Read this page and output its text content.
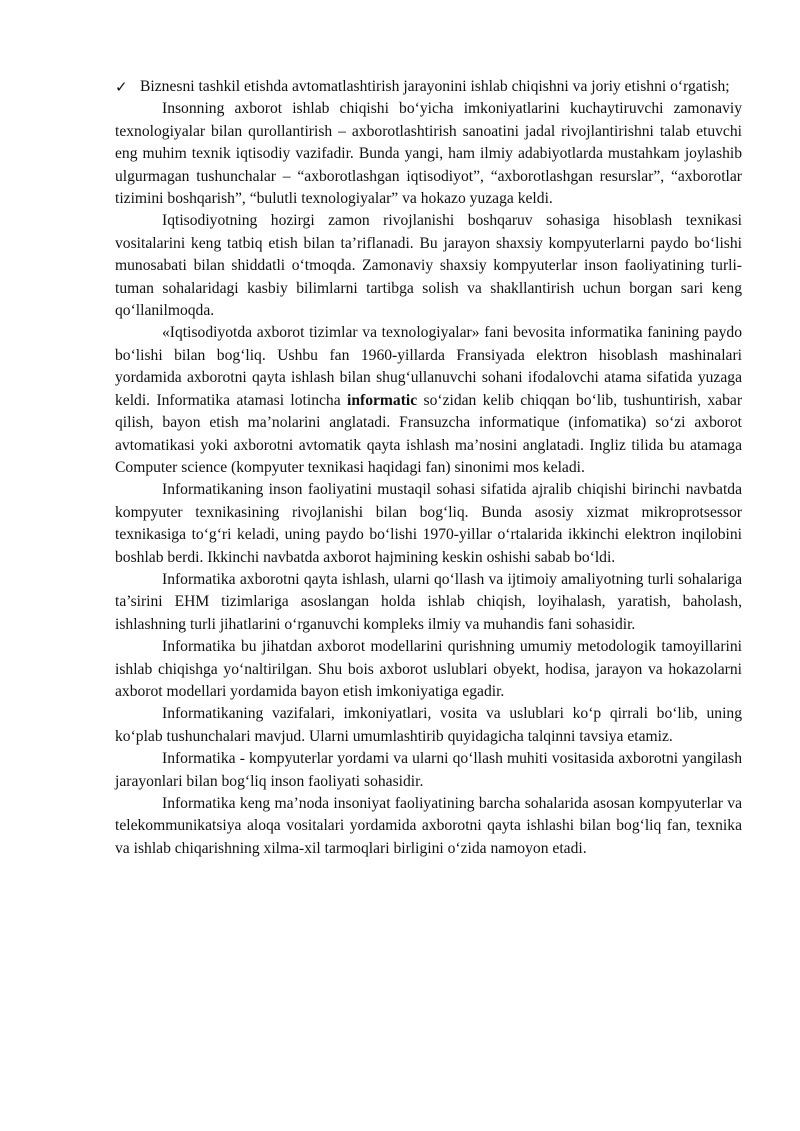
✓ Biznesni tashkil etishda avtomatlashtirish jarayonini ishlab chiqishni va joriy etishni o‘rgatish;

Insonning axborot ishlab chiqishi bo‘yicha imkoniyatlarini kuchaytiruvchi zamonaviy texnologiyalar bilan qurollantirish – axborotlashtirish sanoatini jadal rivojlantirishni talab etuvchi eng muhim texnik iqtisodiy vazifadir. Bunda yangi, ham ilmiy adabiyotlarda mustahkam joylashib ulgurmagan tushunchalar – “axborotlashgan iqtisodiyot”, “axborotlashgan resurslar”, “axborotlar tizimini boshqarish”, “bulutli texnologiyalar” va hokazo yuzaga keldi.

Iqtisodiyotning hozirgi zamon rivojlanishi boshqaruv sohasiga hisoblash texnikasi vositalarini keng tatbiq etish bilan ta’riflanadi. Bu jarayon shaxsiy kompyuterlarni paydo bo‘lishi munosabati bilan shiddatli o‘tmoqda. Zamonaviy shaxsiy kompyuterlar inson faoliyatining turli-tuman sohalaridagi kasbiy bilimlarni tartibga solish va shakllantirish uchun borgan sari keng qo‘llanilmoqda.

«Iqtisodiyotda axborot tizimlar va texnologiyalar» fani bevosita informatika fanining paydo bo‘lishi bilan bog‘liq. Ushbu fan 1960-yillarda Fransiyada elektron hisoblash mashinalari yordamida axborotni qayta ishlash bilan shug‘ullanuvchi sohani ifodalovchi atama sifatida yuzaga keldi. Informatika atamasi lotincha informatic so‘zidan kelib chiqqan bo‘lib, tushuntirish, xabar qilish, bayon etish ma’nolarini anglatadi. Fransuzcha informatique (infomatika) so‘zi axborot avtomatikasi yoki axborotni avtomatik qayta ishlash ma’nosini anglatadi. Ingliz tilida bu atamaga Computer science (kompyuter texnikasi haqidagi fan) sinonimi mos keladi.

Informatikaning inson faoliyatini mustaqil sohasi sifatida ajralib chiqishi birinchi navbatda kompyuter texnikasining rivojlanishi bilan bog‘liq. Bunda asosiy xizmat mikroprotsessor texnikasiga to‘g‘ri keladi, uning paydo bo‘lishi 1970-yillar o‘rtalarida ikkinchi elektron inqilobini boshlab berdi. Ikkinchi navbatda axborot hajmining keskin oshishi sabab bo‘ldi.

Informatika axborotni qayta ishlash, ularni qo‘llash va ijtimoiy amaliyotning turli sohalariga ta’sirini EHM tizimlariga asoslangan holda ishlab chiqish, loyihalash, yaratish, baholash, ishlashning turli jihatlarini o‘rganuvchi kompleks ilmiy va muhandis fani sohasidir.

Informatika bu jihatdan axborot modellarini qurishning umumiy metodologik tamoyillarini ishlab chiqishga yo‘naltirilgan. Shu bois axborot uslublari obyekt, hodisa, jarayon va hokazolarni axborot modellari yordamida bayon etish imkoniyatiga egadir.

Informatikaning vazifalari, imkoniyatlari, vosita va uslublari ko‘p qirrali bo‘lib, uning ko‘plab tushunchalari mavjud. Ularni umumlashtirib quyidagicha talqinni tavsiya etamiz.

Informatika - kompyuterlar yordami va ularni qo‘llash muhiti vositasida axborotni yangilash jarayonlari bilan bog‘liq inson faoliyati sohasidir.

Informatika keng ma’noda insoniyat faoliyatining barcha sohalarida asosan kompyuterlar va telekommunikatsiya aloqa vositalari yordamida axborotni qayta ishlashi bilan bog‘liq fan, texnika va ishlab chiqarishning xilma-xil tarmoqlari birligini o‘zida namoyon etadi.
